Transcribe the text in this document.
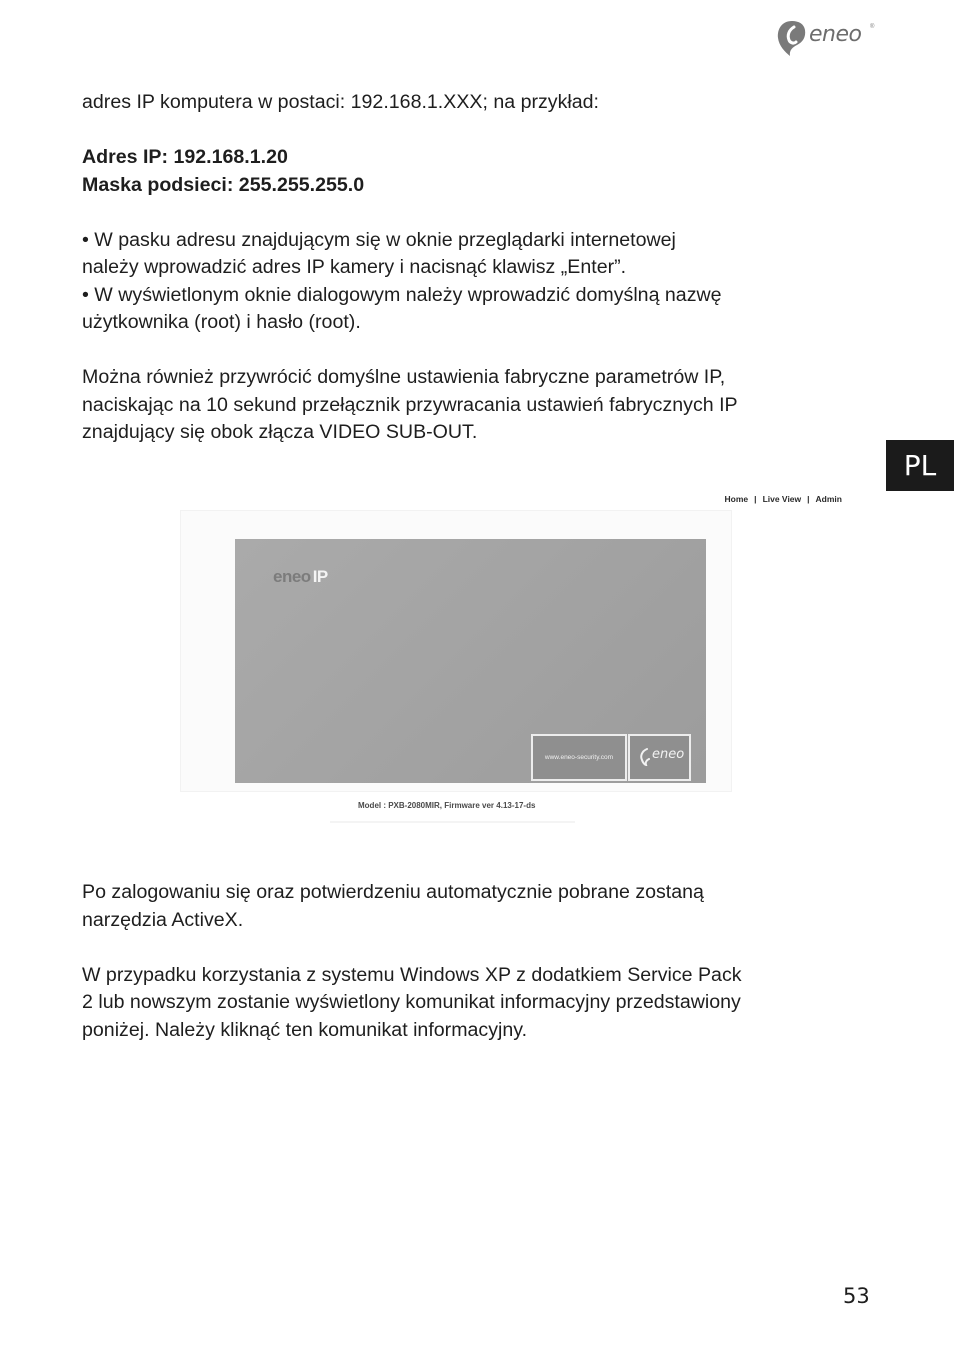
eneo ®
PL

adres IP komputera w postaci: 192.168.1.XXX; na przykład:

Adres IP: 192.168.1.20

Maska podsieci: 255.255.255.0

• W pasku adresu znajdującym się w oknie przeglądarki internetowej

należy wprowadzić adres IP kamery i nacisnąć klawisz „Enter”.

• W wyświetlonym oknie dialogowym należy wprowadzić domyślną nazwę

użytkownika (root) i hasło (root).

Można również przywrócić domyślne ustawienia fabryczne parametrów IP,

naciskając na 10 sekund przełącznik przywracania ustawień fabrycznych IP

znajdujący się obok złącza VIDEO SUB-OUT.

Home | Live View | Admin
eneo IP
www.eneo-security.com	eneo
Model : PXB-2080MIR, Firmware ver 4.13-17-ds

Po zalogowaniu się oraz potwierdzeniu automatycznie pobrane zostaną

narzędzia ActiveX.

W przypadku korzystania z systemu Windows XP z dodatkiem Service Pack

2 lub nowszym zostanie wyświetlony komunikat informacyjny przedstawiony

poniżej. Należy kliknąć ten komunikat informacyjny.

53
